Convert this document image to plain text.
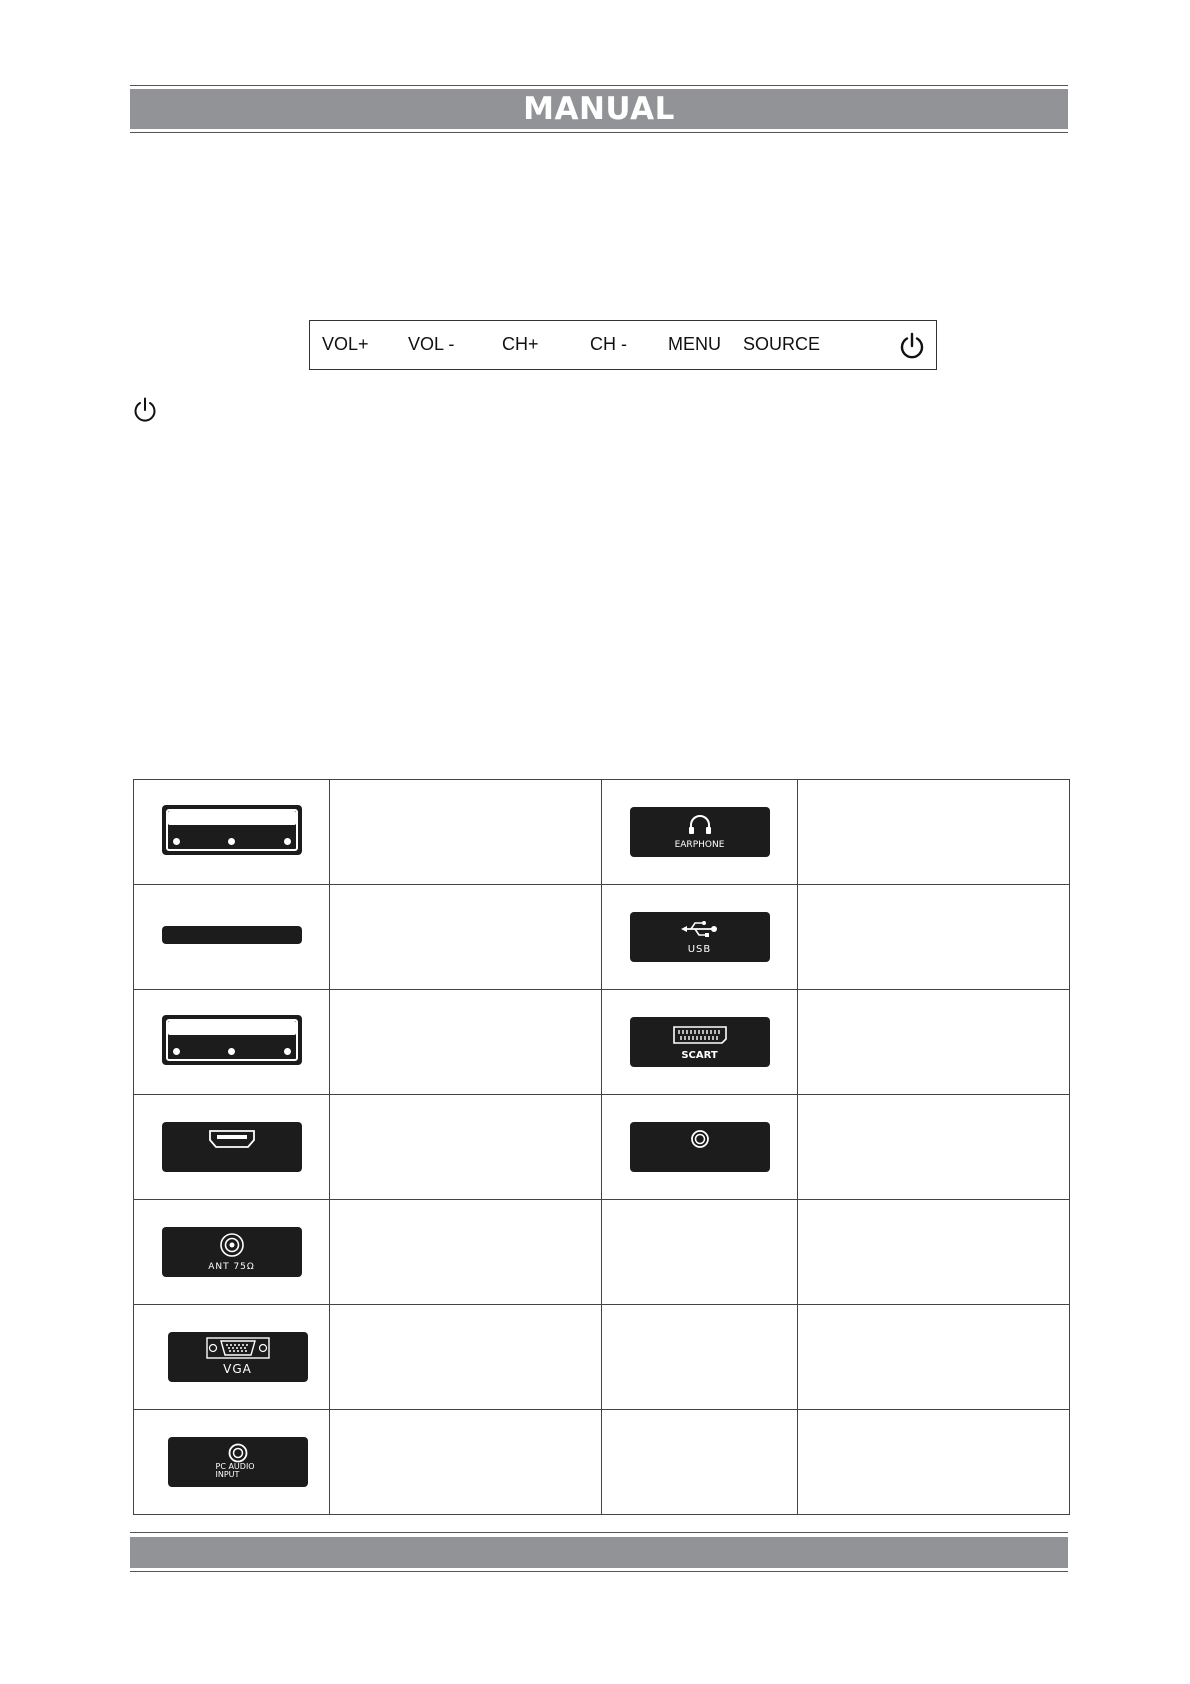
MANUAL
VOL+ VOL -	CH+	CH - MENU SOURCE

		EARPHONE	

		USB	

		SCART	

ANT 75Ω			

VGA			

PC AUDIO
INPUT			
